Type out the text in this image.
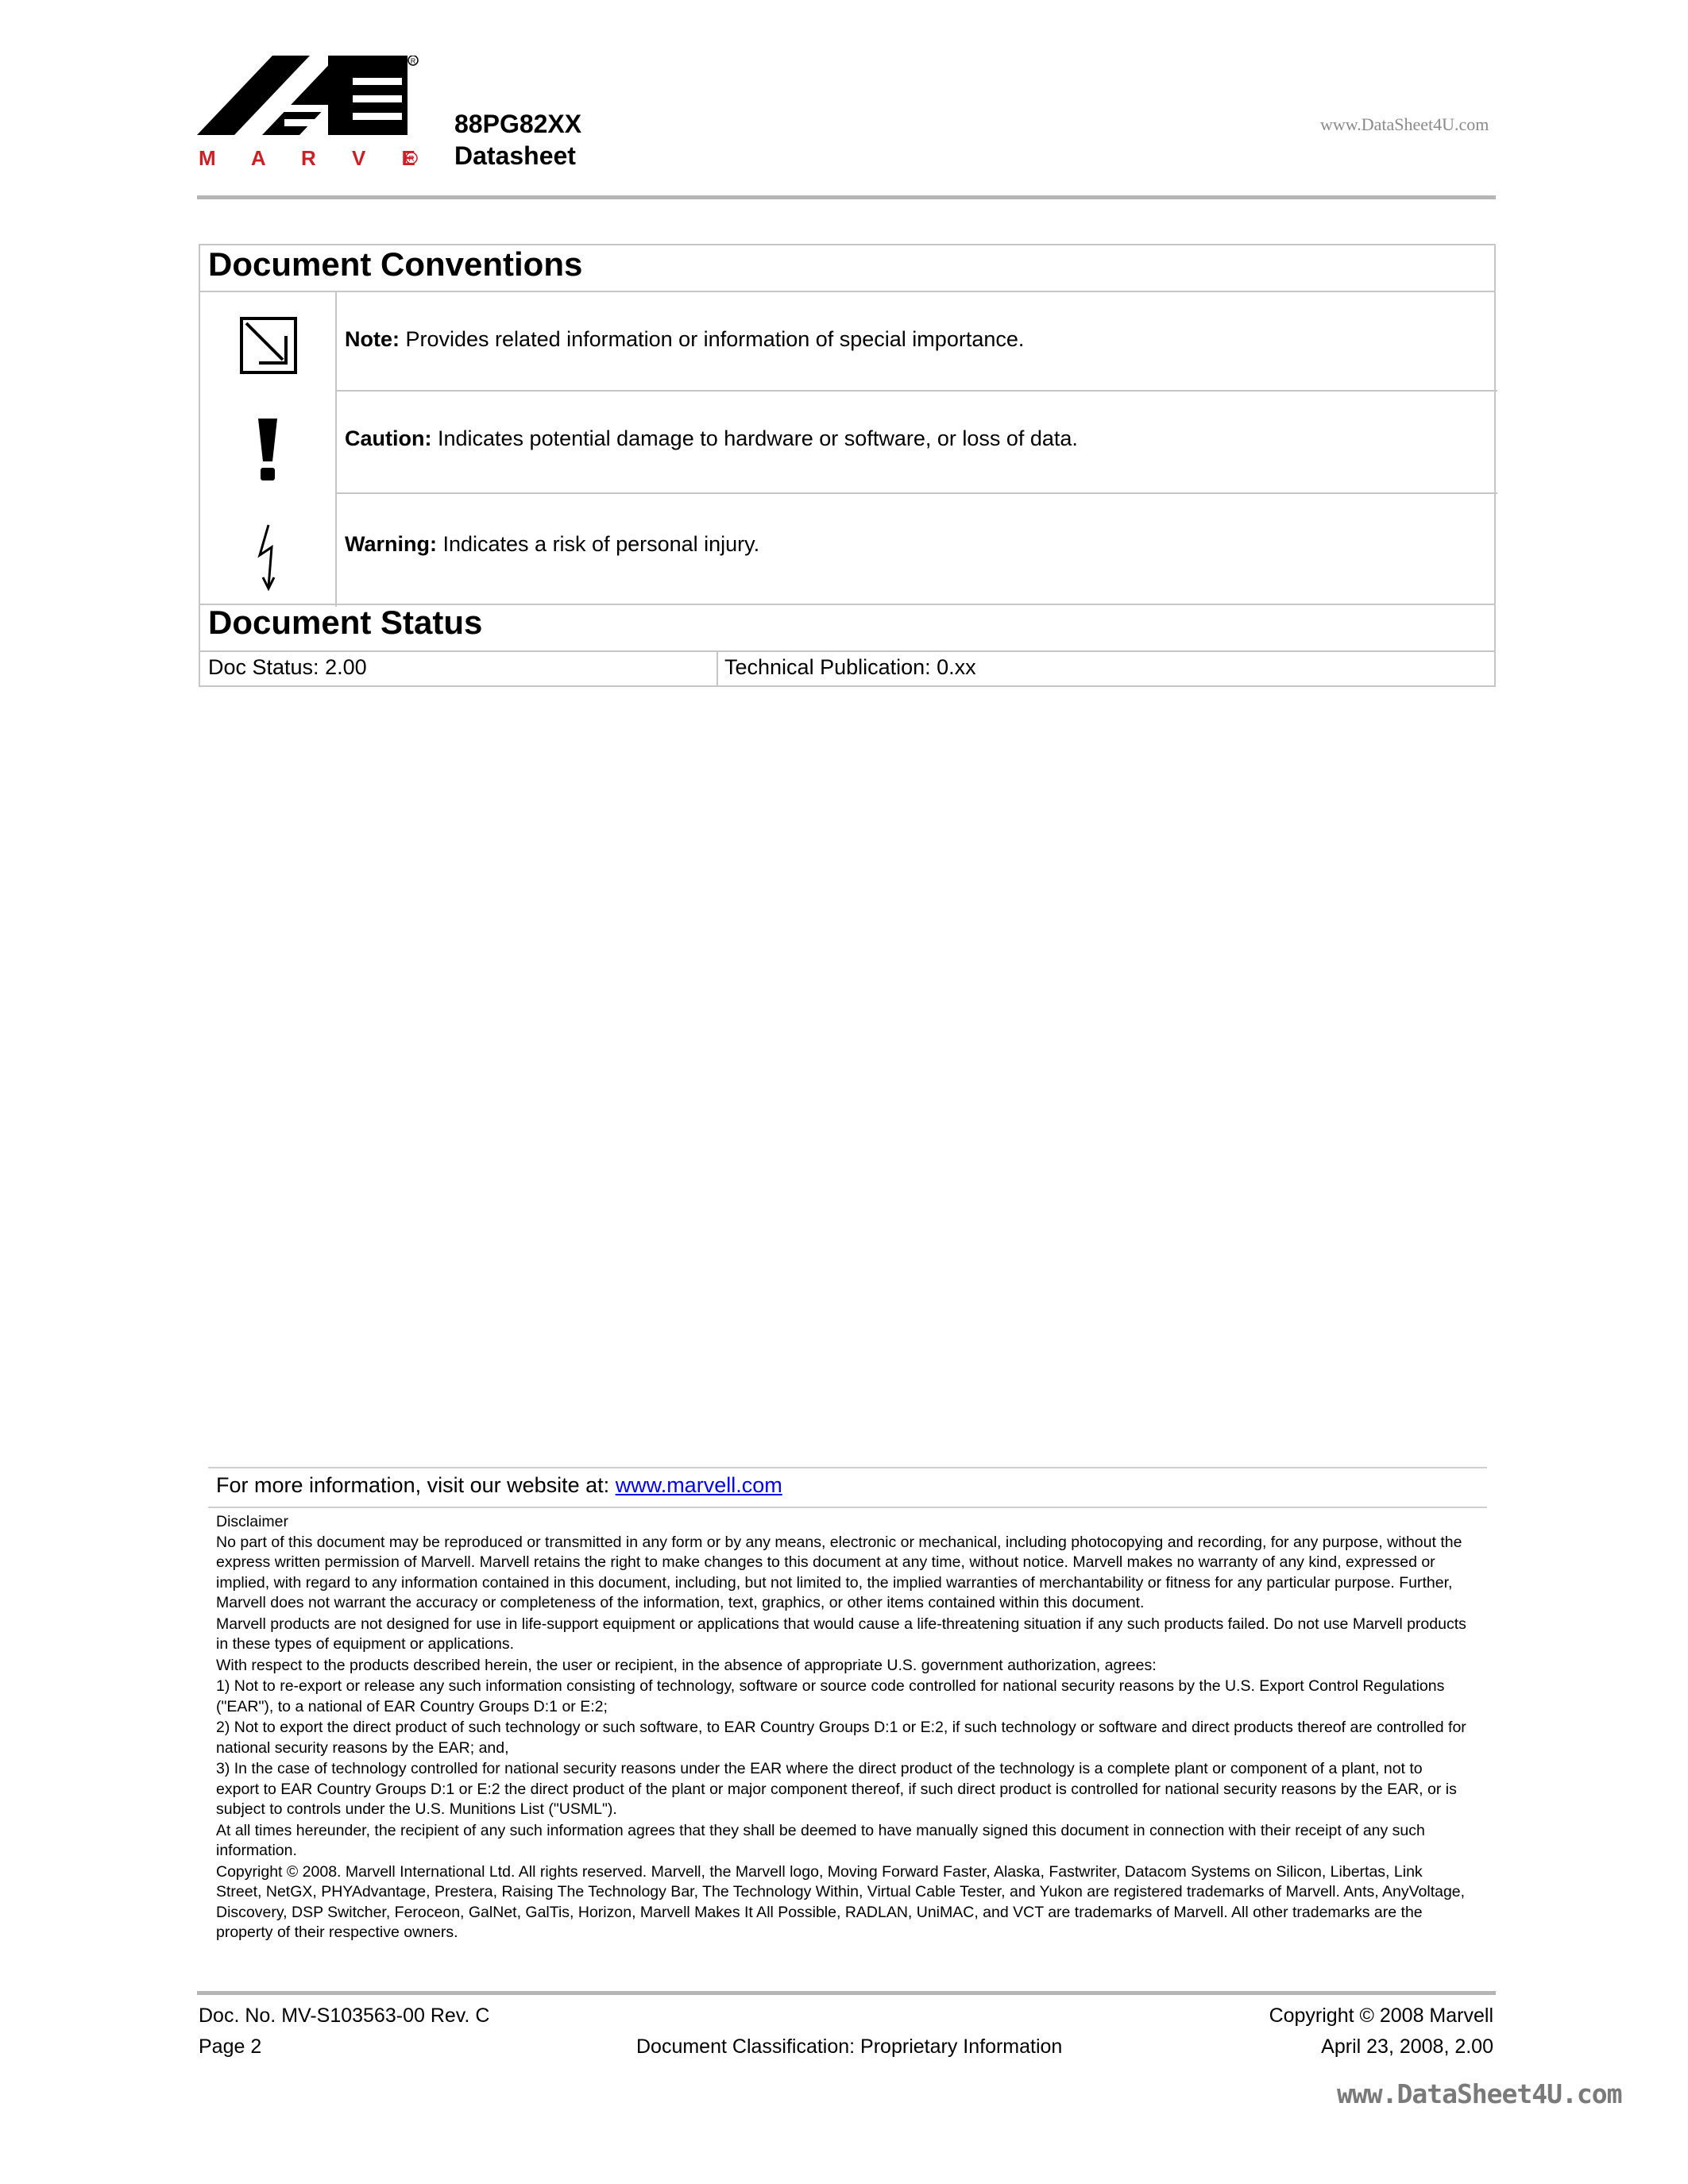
R
M A R V	R
88PG82XX
Datasheet
www.DataSheet4U.com
Document Conventions
Note: Provides related information or information of special importance.
Caution: Indicates potential damage to hardware or software, or loss of data.
Warning: Indicates a risk of personal injury.
Document Status
Doc Status: 2.00	Technical Publication: 0.xx
For more information, visit our website at: www.marvell.com

Disclaimer

No part of this document may be reproduced or transmitted in any form or by any means, electronic or mechanical, including photocopying and recording, for any purpose, without the express written permission of Marvell. Marvell retains the right to make changes to this document at any time, without notice. Marvell makes no warranty of any kind, expressed or implied, with regard to any information contained in this document, including, but not limited to, the implied warranties of merchantability or fitness for any particular purpose. Further, Marvell does not warrant the accuracy or completeness of the information, text, graphics, or other items contained within this document.

Marvell products are not designed for use in life-support equipment or applications that would cause a life-threatening situation if any such products failed. Do not use Marvell products in these types of equipment or applications.

With respect to the products described herein, the user or recipient, in the absence of appropriate U.S. government authorization, agrees:

1) Not to re-export or release any such information consisting of technology, software or source code controlled for national security reasons by the U.S. Export Control Regulations ("EAR"), to a national of EAR Country Groups D:1 or E:2;

2) Not to export the direct product of such technology or such software, to EAR Country Groups D:1 or E:2, if such technology or software and direct products thereof are controlled for national security reasons by the EAR; and,

3) In the case of technology controlled for national security reasons under the EAR where the direct product of the technology is a complete plant or component of a plant, not to export to EAR Country Groups D:1 or E:2 the direct product of the plant or major component thereof, if such direct product is controlled for national security reasons by the EAR, or is subject to controls under the U.S. Munitions List ("USML").

At all times hereunder, the recipient of any such information agrees that they shall be deemed to have manually signed this document in connection with their receipt of any such information.

Copyright © 2008. Marvell International Ltd. All rights reserved. Marvell, the Marvell logo, Moving Forward Faster, Alaska, Fastwriter, Datacom Systems on Silicon, Libertas, Link Street, NetGX, PHYAdvantage, Prestera, Raising The Technology Bar, The Technology Within, Virtual Cable Tester, and Yukon are registered trademarks of Marvell. Ants, AnyVoltage, Discovery, DSP Switcher, Feroceon, GalNet, GalTis, Horizon, Marvell Makes It All Possible, RADLAN, UniMAC, and VCT are trademarks of Marvell. All other trademarks are the property of their respective owners.

Doc. No. MV-S103563-00 Rev. C
Page 2	Document Classification: Proprietary Information
Copyright © 2008 Marvell
April 23, 2008, 2.00
www.DataSheet4U.com
